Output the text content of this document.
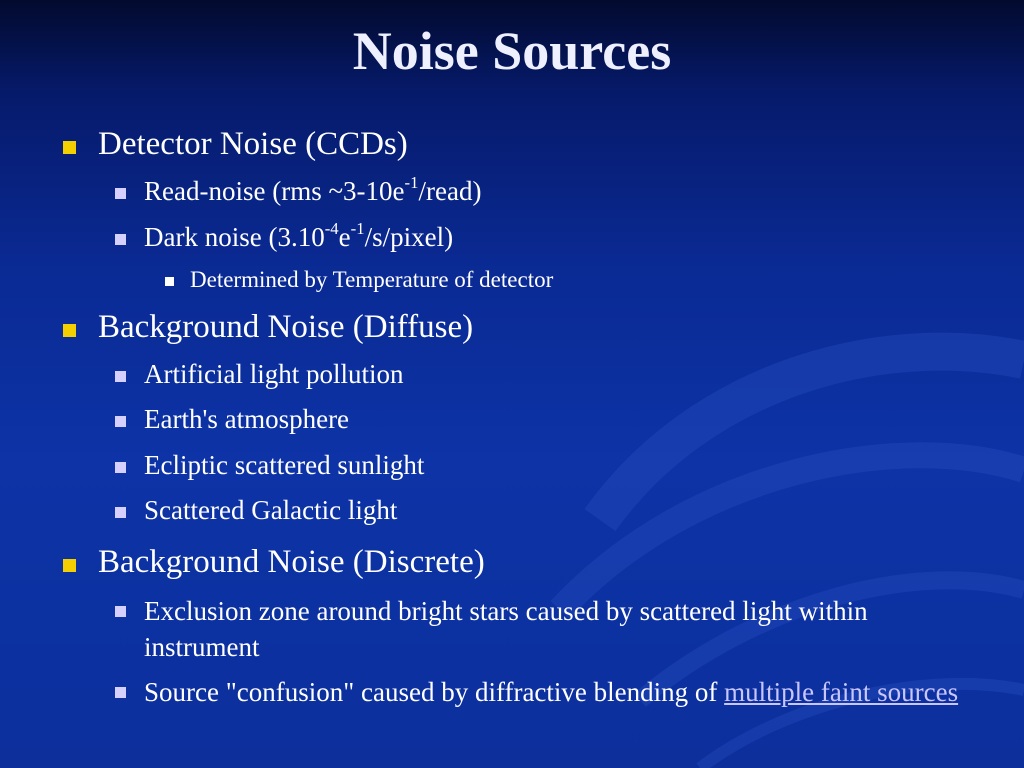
Noise Sources
Detector Noise (CCDs)
Read-noise (rms $\sim 3-10e^{-1}/read$)
Dark noise $(3.10^{-4}e^{-1}/s/pixel)$
Determined by Temperature of detector
Background Noise (Diffuse)
Artificial light pollution
Earth's atmosphere
Ecliptic scattered sunlight
Scattered Galactic light
Background Noise (Discrete)
Exclusion zone around bright stars caused by scattered light within instrument
Source "confusion" caused by diffractive blending of multiple faint sources
